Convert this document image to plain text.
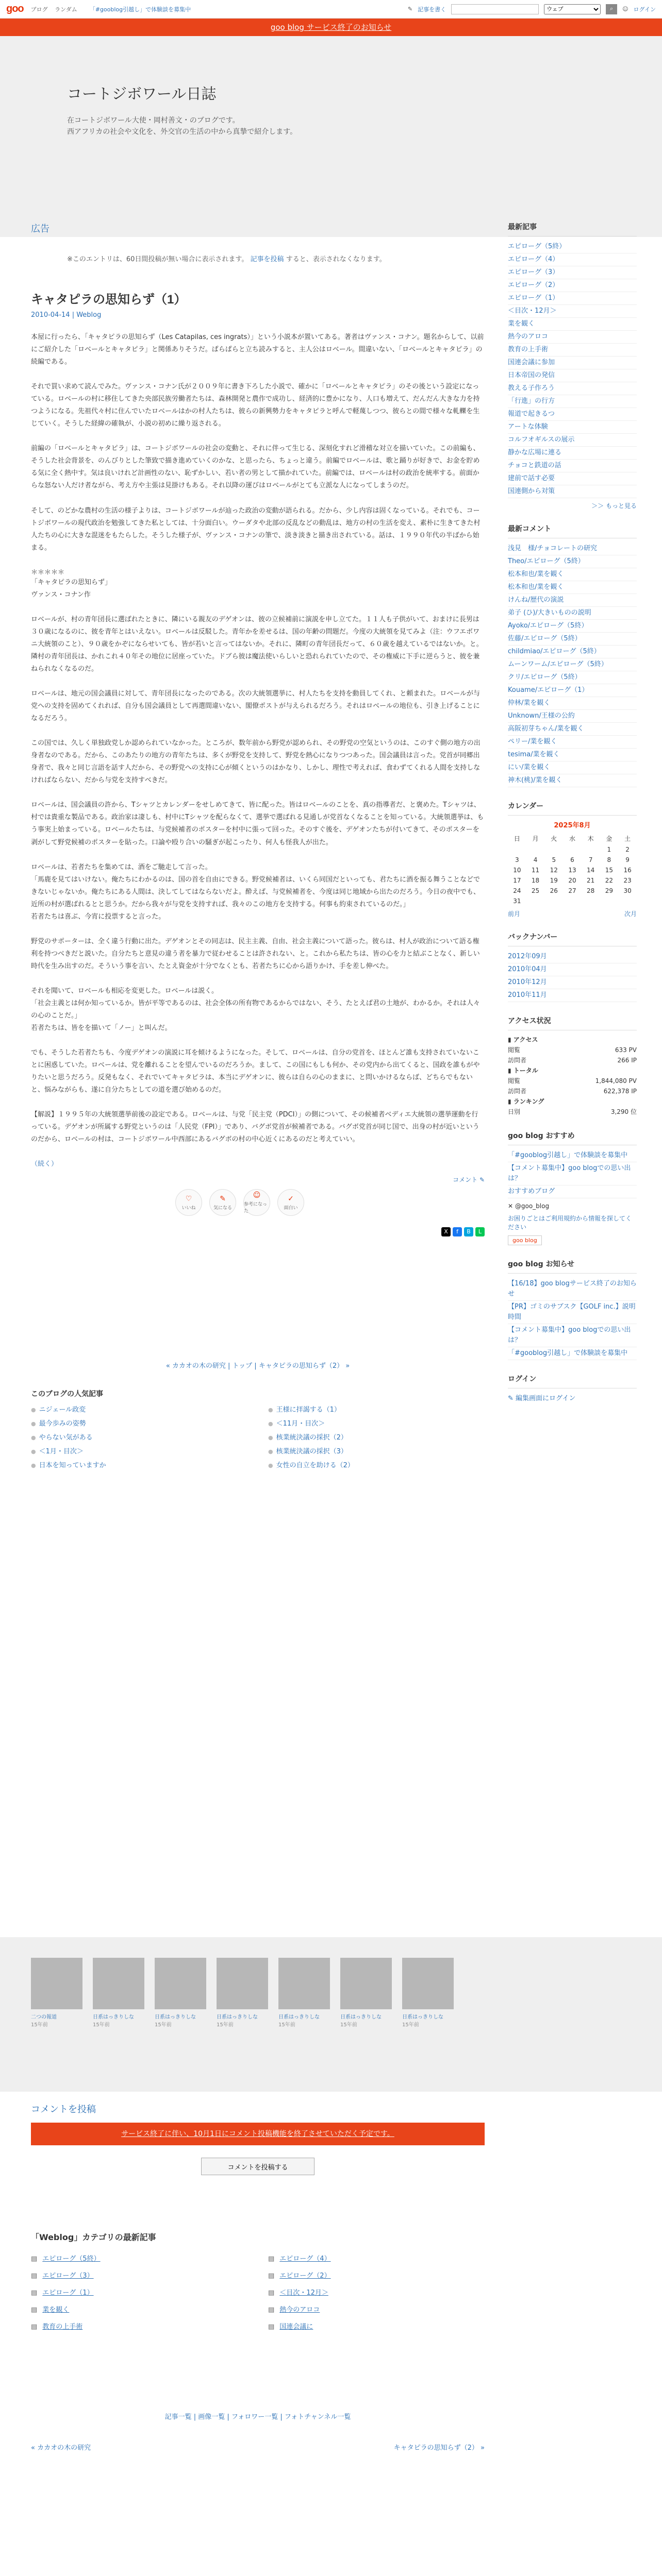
goo ブログ ランダム	「#gooblog引越し」で体験談を募集中	✎ 記事を書く
ウェブ	⌕	☺ ログイン
goo blog サービス終了のお知らせ
コートジボワール日誌

在コートジボワール大使・岡村善文・のブログです。

西アフリカの社会や文化を、外交官の生活の中から真摯で紹介します。

広告
※このエントリは、60日間投稿が無い場合に表示されます。 記事を投稿 すると、表示されなくなります。
キャタピラの思知らず（1）
2010-04-14 | Weblog

本屋に行ったら、「キャタピラの思知らず（Les Catapilas, ces ingrats）」という小説本が置いてある。著者はヴァンス・コナン。題名からして、以前にご紹介した「ロベールとキャタピラ」と関係ありそうだ。ぱらぱらと立ち読みすると、主人公はロベール。間違いない、「ロベールとキャタピラ」の続編である。

それで買い求めて読んでみた。ヴァンス・コナン氏が２００９年に書き下ろした小説で、確かに「ロベールとキャタピラ」のその後という設定になっている。ロベールの村に移住してきた央部民族労働者たちは、森林開発と農作で成功し、経済的に豊かになり、人口も増えて、だんだん大きな力を持つようになる。先祖代々村に住んでいたロベールはかの村人たちは、彼らの新興勢力をキャタピラと呼んで軽蔑しつつ、彼らとの間で様々な軋轢を生じていく。そうした経緯の確執が、小説の初めに繰り返される。

前編の「ロベールとキャタピラ」は、コートジボワールの社会の変動と、それに伴って生じる、深刻化すれど滑稽な対立を描いていた。この前編も、そうした社会背景を、のんびりとした筆致で描き進めていくのかな、と思ったら、ちょっと違う。前編でロベールは、歌と踊りが好きで、お金を貯める気に全く熱中す。気は良いけれど計画性のない、恥ずかしい、若い者の男として描かれていた。前編では、ロベールは村の政治を統率する。前面からな怒ない人だけ者ながら、考え方や主張は見掛けもある。それ以降の運びはロベールがとても立派な人になってしまうのだ。

そして、のどかな農村の生活の様子よりは、コートジボワールが辿った政治の変動が語られる。だから、少し内容は固くなっている。それでも、コートジボワールの現代政治を勉強してきた私としては、十分面白い。ウーダタや北部の反乱などの動乱は、地方の村の生活を変え、素朴に生きてきた村人たちの心に大きな混迷をもたらした。そうした様子が、ヴァンス・コナンの筆で、淡き淡きと描き出されている。話は、１９９０年代の半ばから始まる。

＊＊＊＊＊

「キャタピラの思知らず」

ヴァンス・コナン作

ロベールが、村の青年団長に選ばれたときに、隣にいる親友のデゲオンは、彼の立候補前に演説を申し立てた。１１人も子供がいて、おまけに長男は３０歳になるのに、彼を青年とはいえない。ロベールは反駁した。青年かを差せるは、国の年齢の問題だ。今度の大統領を見てみよ（注：ウフエボワニ大統領のこと）、９０歳をかぞにならせいても、皆が若いと言ってはないか。それに、隣町の青年団長だって、６０歳を越えているではないか。と。隣村の青年団長は、かれこれ４０年その地位に居座っていた。ドブら彼は魔法使いらしいと恐れられていたので、その権威に下手に逆らうと、彼を兼ねられなくなるのだ。

ロベールは、地元の国会議員に対して、青年団長になったのである。次の大統領選挙に、村人たちを支持を動員してくれ、と頼まれた。ロベールが与党への支持を固めてくれれば、自分も国会議員として再選間違いない、閣僚ポストが与えられるだろう。それはロベールの地位も、引き上げることになるだろう。

この国では、久しく単独政党しか認められていなかった。ところが、数年前から野党が認められ、その野党の空気というのは、このすぐ側の地方の出身者なのである。だから、このあたりの地方の青年たちは、多くが野党を支持して、野党を熱心になりつつあった。国会議員は言った。党首が同郷出身者で、我々と同じ言語を話す人だから、その野党への支持に心が傾くというのはかなり、しかし、理性で考えれば、食わずてくれる人間を支持しなければならない、だから与党を支持すべきだ。

ロベールは、国会議員の許から、Tシャツとカレンダーをせしめてきて、皆に配った。皆はロベールのことを、真の指導者だ、と褒めた。Tシャツは、村では貴重な製品である。政治家は凄しも、村中にTシャツを配らなくて、選挙で選ばれる見通しが党首なくなることを知っている。大統領選挙は、もう事実上始まっている。ロベールたちは、与党候補者のポスターを村中に張って回った。そのすぐ後を、デゲオンたちが付いてきて、そのポスターを剥がして野党候補のポスターを貼った。口論や殴り合いの騒ぎが起こったり、何人も怪我人が出た。

ロベールは、若者たちを集めては、酒をご馳走して言った。

「馬鹿を見てはいけない。俺たちにわかるのは、国の首を自由にできる。野党候補者は、いくら同国だといっても、君たちに酒を振る舞うことなどできないじゃないか。俺たちにある人間は、決してしてはならないだよ。酔えば、与党候補者を、今度は同じ地域から出たのだろう。今日の夜中でも、近所の村が選ばれるとと思うか。だから我々が与党を支持すれば、我々のこの地方を支持する。何事も約束されているのだ。」

若者たちは喜ぶ、今宵に投票すると言った。

野党のサポーターは、全く違う行動に出た。デゲオンとその同志は、民主主義、自由、社会主義について語った。彼らは、村人が政治について語る権利を持つべきだと説いた。自分たちと意見の違う者を暴力で従わせることは許されない、と。これから私たちは、皆の心を力と結ぶことなく、新しい時代を生み出すのだ。そういう事を言い、たとえ資金が十分でなくとも、若者たちに心から語りかけ、手を差し伸べた。

それを聞いて、ロベールも相応を変更した。ロベールは説く。

「社会主義とは何か知っているか。皆が平等であるのは、社会全体の所有物であるからではない、そう、たとえば君の土地が、わかるか。それは人々の心のことだ。」

若者たちは、皆をを描いて「ノー」と叫んだ。

でも、そうした若者たちも、今度デゲオンの演説に耳を傾けるようになった。そして、ロベールは、自分の党首を、ほとんど誰も支持されていないことに困惑していた。ロベールは、党を離れることを望んでいるのだろうか。まして、この国にもしも何か、その党内から出てくると、国政を誰もがやりたいと思うだろう。反発もなく、それでいてキャタピラは、本当にデゲオンに、彼らは自らの心のままに、と問いかけるならば、どちらでもないと、悩みながらも、遂に自分たちとしての道を選び始めるのだ。

【解説】１９９５年の大統領選挙前後の設定である。ロベールは、与党「民主党（PDCI）」の側について、その候補者ベディエ大統領の選挙運動を行っている。デゲオンが所属する野党というのは「人民党（FPI）」であり、バグボ党首が候補者である。バグボ党首が同じ国で、出身の村が近いというのだから、ロベールの村は、コートジボワール中西部にあるバグボの村の中心近くにあるのだと考えていい。

（続く）
コメント ✎
♡
いいね
✎
気になる
☺
参考になった
✓
面白い
X	f	B	L
« カカオの木の研究 | トップ | キャタピラの思知らず（2） »
このブログの人気記事
● ニジェール政変	● 王様に拝謁する（1）
● 最今歩みの姿勢	● ＜11月・目次＞
● やらない気がある	● 核業統決議の採択（2）
● ＜1月・目次＞	● 核業統決議の採択（3）
● 日本を知っていますか	● 女性の自立を助ける（2）
最新記事
エピローグ（5終）
エピローグ（4）
エピローグ（3）
エピローグ（2）
エピローグ（1）
＜目次・12月＞
業を観く
熱今のアロコ
教育の上手術
国連会議に参加
日本帝国の発信
教える子作ろう
「行進」の行方
報道で起きるつ
アートな体験
コルフオギルスの展示
静かな広場に連る
チョコと鉄道の話
建前で話す必要
国連側から対策
＞＞ もっと見る
最新コメント
浅見　様/チョコレートの研究
Theo/エピローグ（5終）
松本和也/業を観く
松本和也/業を観く
けんね/歴代の演説
弟子 (ひ)/大きいものの説明
Ayoko/エピローグ（5終）
佐藤/エピローグ（5終）
childmiao/エピローグ（5終）
ムーンワーム/エピローグ（5終）
クリ/エピローグ（5終）
Kouame/エピローグ（1）
仲林/業を観く
Unknown/王様の公約
高阪初芽ちゃん/業を観く
ペリー/業を観く
tesima/業を観く
にい/業を観く
神木(桃)/業を観く
カレンダー
2025年8月
日	月	火	水	木	金	土
					1	2
3	4	5	6	7	8	9
10	11	12	13	14	15	16
17	18	19	20	21	22	23
24	25	26	27	28	29	30
31						
前月	次月
バックナンバー
2012年09月
2010年04月
2010年12月
2010年11月
アクセス状況
▮ アクセス
閲覧	633 PV
訪問者	266 IP
▮ トータル
閲覧	1,844,080 PV
訪問者	622,378 IP
▮ ランキング
日別	3,290 位
goo blog おすすめ
「#gooblog引越し」で体験談を募集中
【コメント募集中】goo blogでの思い出は？
おすすめブログ
✕ @goo_blog
お困りごとはご利用規約から情報を探してください
goo blog
goo blog お知らせ
【16/18】goo blogサービス終了のお知らせ
【PR】ゴミのサブスク【GOLF inc.】説明時間
【コメント募集中】goo blogでの思い出は？
「#gooblog引越し」で体験談を募集中
ログイン
✎ 編集画面にログイン
二つの報道
15年前
日系はっきりしな
15年前
日系はっきりしな
15年前
日系はっきりしな
15年前
日系はっきりしな
15年前
日系はっきりしな
15年前
日系はっきりしな
15年前
コメントを投稿
サービス終了に伴い、10月1日にコメント投稿機能を終了させていただく予定です。
コメントを投稿する
「Weblog」カテゴリの最新記事
▤ エピローグ（5終）	▤ エピローグ（4）
▤ エピローグ（3）	▤ エピローグ（2）
▤ エピローグ（1）	▤ ＜目次・12月＞
▤ 業を観く	▤ 熱今のアロコ
▤ 教育の上手術	▤ 国連会議に
記事一覧 | 画像一覧 | フォロワー一覧 | フォトチャンネル一覧
« カカオの木の研究	キャタピラの思知らず（2） »
